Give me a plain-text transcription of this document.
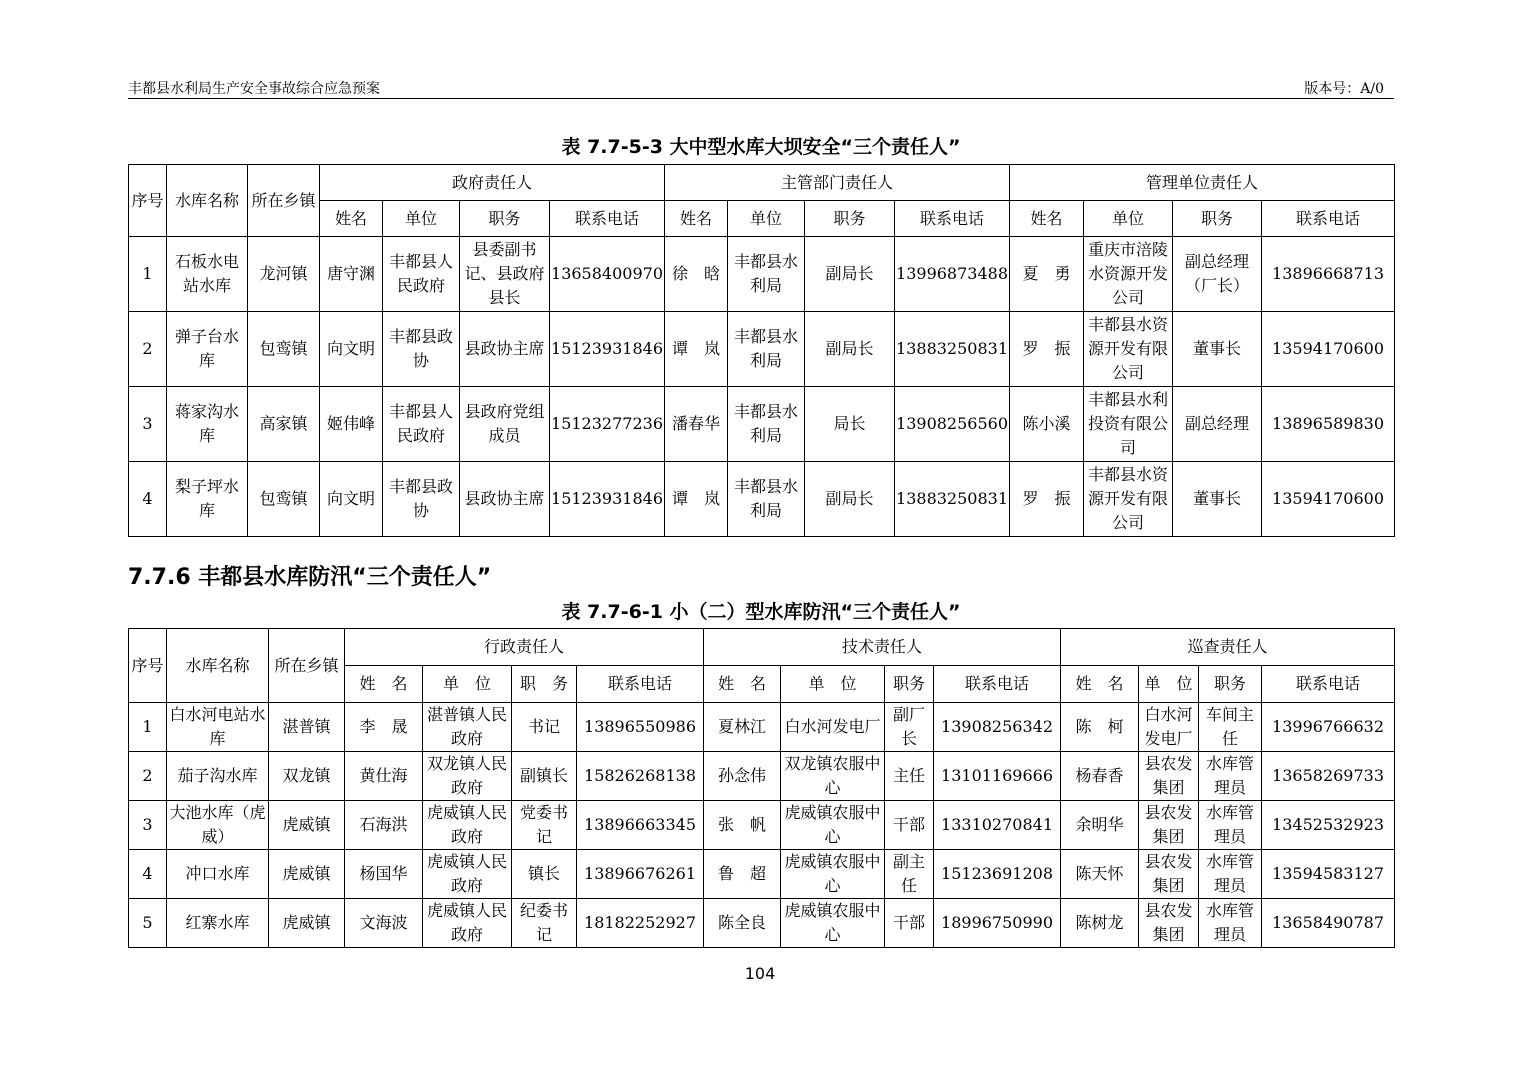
丰都县水利局生产安全事故综合应急预案	版本号：A/0
表 7.7-5-3 大中型水库大坝安全“三个责任人”
序号	水库名称	所在乡镇	政府责任人				主管部门责任人				管理单位责任人			
			姓名	单位	职务	联系电话	姓名	单位	职务	联系电话	姓名	单位	职务	联系电话
1	石板水电站水库	龙河镇	唐守渊	丰都县人民政府	县委副书记、县政府县长	13658400970	徐　晗	丰都县水利局	副局长	13996873488	夏　勇	重庆市涪陵水资源开发公司	副总经理（厂长）	13896668713
2	弹子台水库	包鸾镇	向文明	丰都县政协	县政协主席	15123931846	谭　岚	丰都县水利局	副局长	13883250831	罗　振	丰都县水资源开发有限公司	董事长	13594170600
3	蒋家沟水库	高家镇	姬伟峰	丰都县人民政府	县政府党组成员	15123277236	潘春华	丰都县水利局	局长	13908256560	陈小溪	丰都县水利投资有限公司	副总经理	13896589830
4	梨子坪水库	包鸾镇	向文明	丰都县政协	县政协主席	15123931846	谭　岚	丰都县水利局	副局长	13883250831	罗　振	丰都县水资源开发有限公司	董事长	13594170600
7.7.6 丰都县水库防汛“三个责任人”
表 7.7-6-1 小（二）型水库防汛“三个责任人”
序号	水库名称	所在乡镇	行政责任人				技术责任人				巡查责任人			
			姓　名	单　位	职　务	联系电话	姓　名	单　位	职务	联系电话	姓　名	单　位	职务	联系电话
1	白水河电站水库	湛普镇	李　晟	湛普镇人民政府	书记	13896550986	夏林江	白水河发电厂	副厂长	13908256342	陈　柯	白水河发电厂	车间主任	13996766632
2	茄子沟水库	双龙镇	黄仕海	双龙镇人民政府	副镇长	15826268138	孙念伟	双龙镇农服中心	主任	13101169666	杨春香	县农发集团	水库管理员	13658269733
3	大池水库（虎威）	虎威镇	石海洪	虎威镇人民政府	党委书记	13896663345	张　帆	虎威镇农服中心	干部	13310270841	余明华	县农发集团	水库管理员	13452532923
4	冲口水库	虎威镇	杨国华	虎威镇人民政府	镇长	13896676261	鲁　超	虎威镇农服中心	副主任	15123691208	陈天怀	县农发集团	水库管理员	13594583127
5	红寨水库	虎威镇	文海波	虎威镇人民政府	纪委书记	18182252927	陈全良	虎威镇农服中心	干部	18996750990	陈树龙	县农发集团	水库管理员	13658490787
104
